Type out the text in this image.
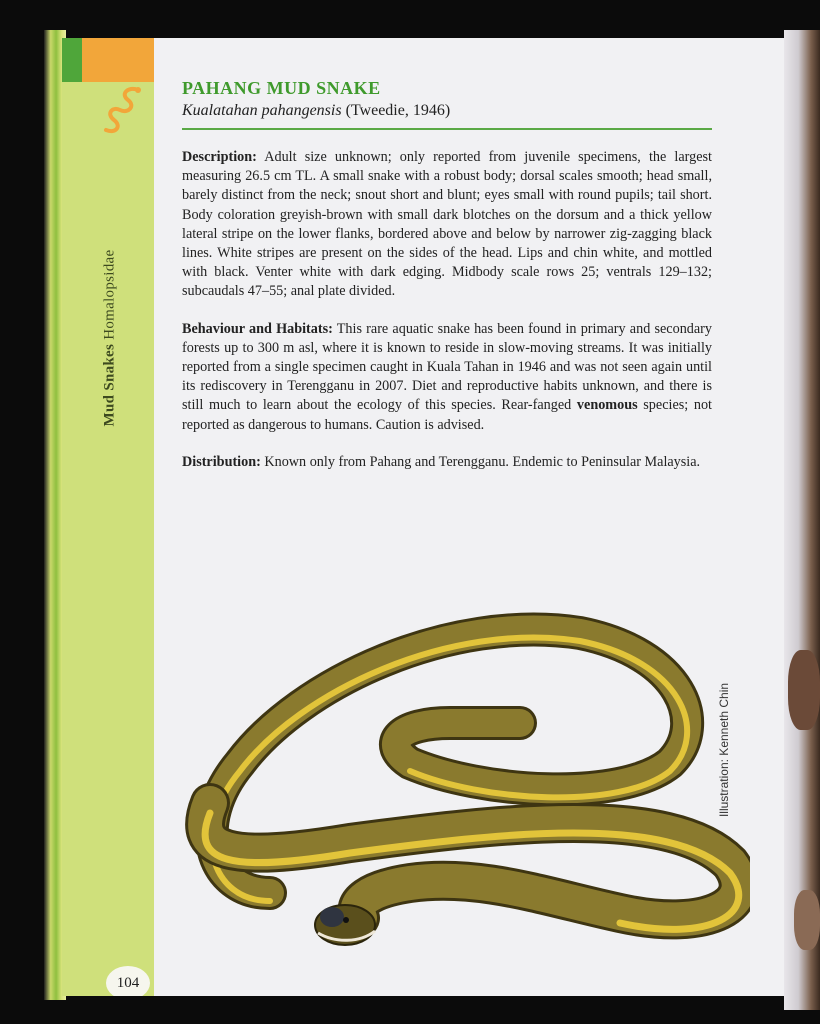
Mud Snakes Homalopsidae
104
PAHANG MUD SNAKE
Kualatahan pahangensis (Tweedie, 1946)

Description: Adult size unknown; only reported from juvenile specimens, the largest measuring 26.5 cm TL. A small snake with a robust body; dorsal scales smooth; head small, barely distinct from the neck; snout short and blunt; eyes small with round pupils; tail short. Body coloration greyish-brown with small dark blotches on the dorsum and a thick yellow lateral stripe on the lower flanks, bordered above and below by narrower zig-zagging black lines. White stripes are present on the sides of the head. Lips and chin white, and mottled with black. Venter white with dark edging. Midbody scale rows 25; ventrals 129–132; subcaudals 47–55; anal plate divided.

Behaviour and Habitats: This rare aquatic snake has been found in primary and secondary forests up to 300 m asl, where it is known to reside in slow-moving streams. It was initially reported from a single specimen caught in Kuala Tahan in 1946 and was not seen again until its rediscovery in Terengganu in 2007. Diet and reproductive habits unknown, and there is still much to learn about the ecology of this species. Rear-fanged venomous species; not reported as dangerous to humans. Caution is advised.

Distribution: Known only from Pahang and Terengganu. Endemic to Peninsular Malaysia.

Illustration: Kenneth Chin
